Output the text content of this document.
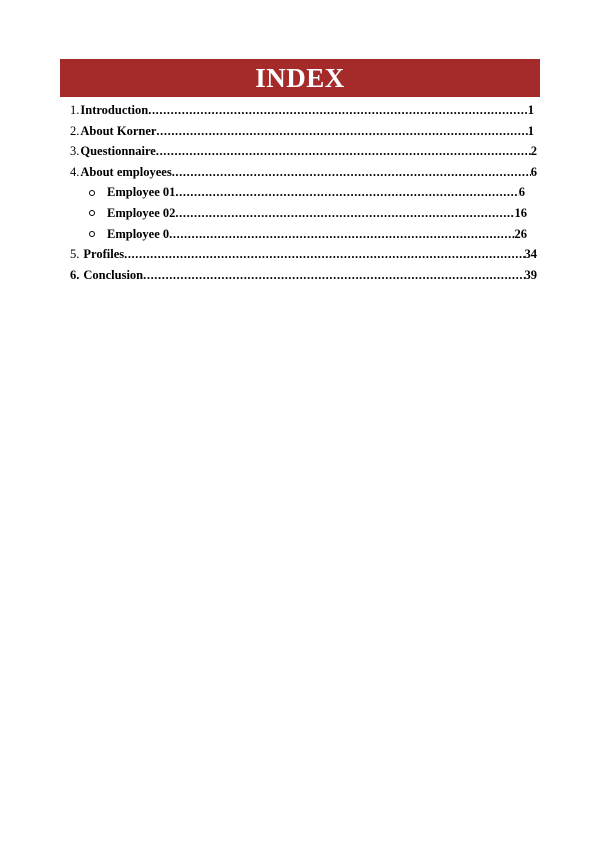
INDEX
1. Introduction .....	1
2. About Korner .....	1
3. Questionnaire .....	2
4. About employees .....	6
Employee 01 .....	6
Employee 02 .....	16
Employee 0 .....	26
5. Profiles .....	34
6. Conclusion .....	39
